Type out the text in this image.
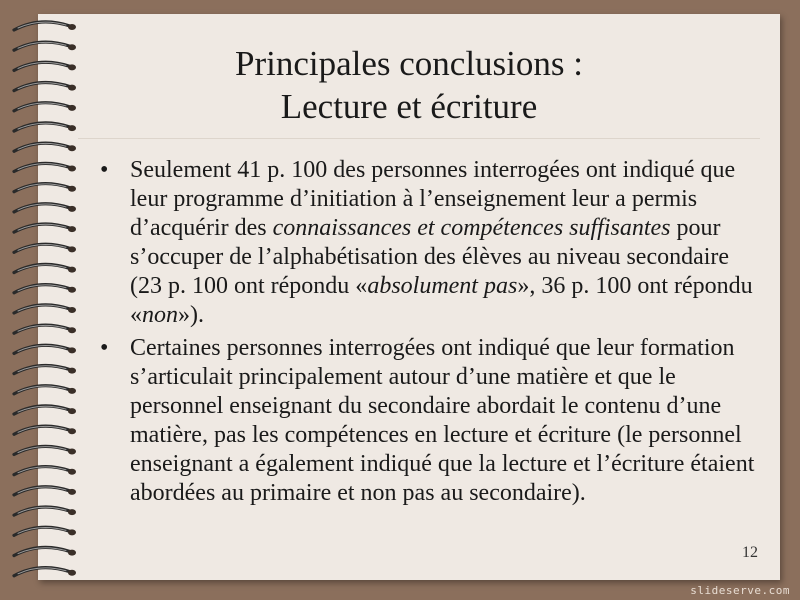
Principales conclusions :
Lecture et écriture
• Seulement 41 p. 100 des personnes interrogées ont indiqué que leur programme d’initiation à l’enseignement leur a permis d’acquérir des connaissances et compétences suffisantes pour s’occuper de l’alphabétisation des élèves au niveau secondaire (23 p. 100 ont répondu «absolument pas», 36 p. 100 ont répondu «non»).
• Certaines personnes interrogées ont indiqué que leur formation s’articulait principalement autour d’une matière et que le personnel enseignant du secondaire abordait le contenu d’une matière, pas les compétences en lecture et écriture (le personnel enseignant a également indiqué que la lecture et l’écriture étaient abordées au primaire et non pas au secondaire).
12
slideserve.com
